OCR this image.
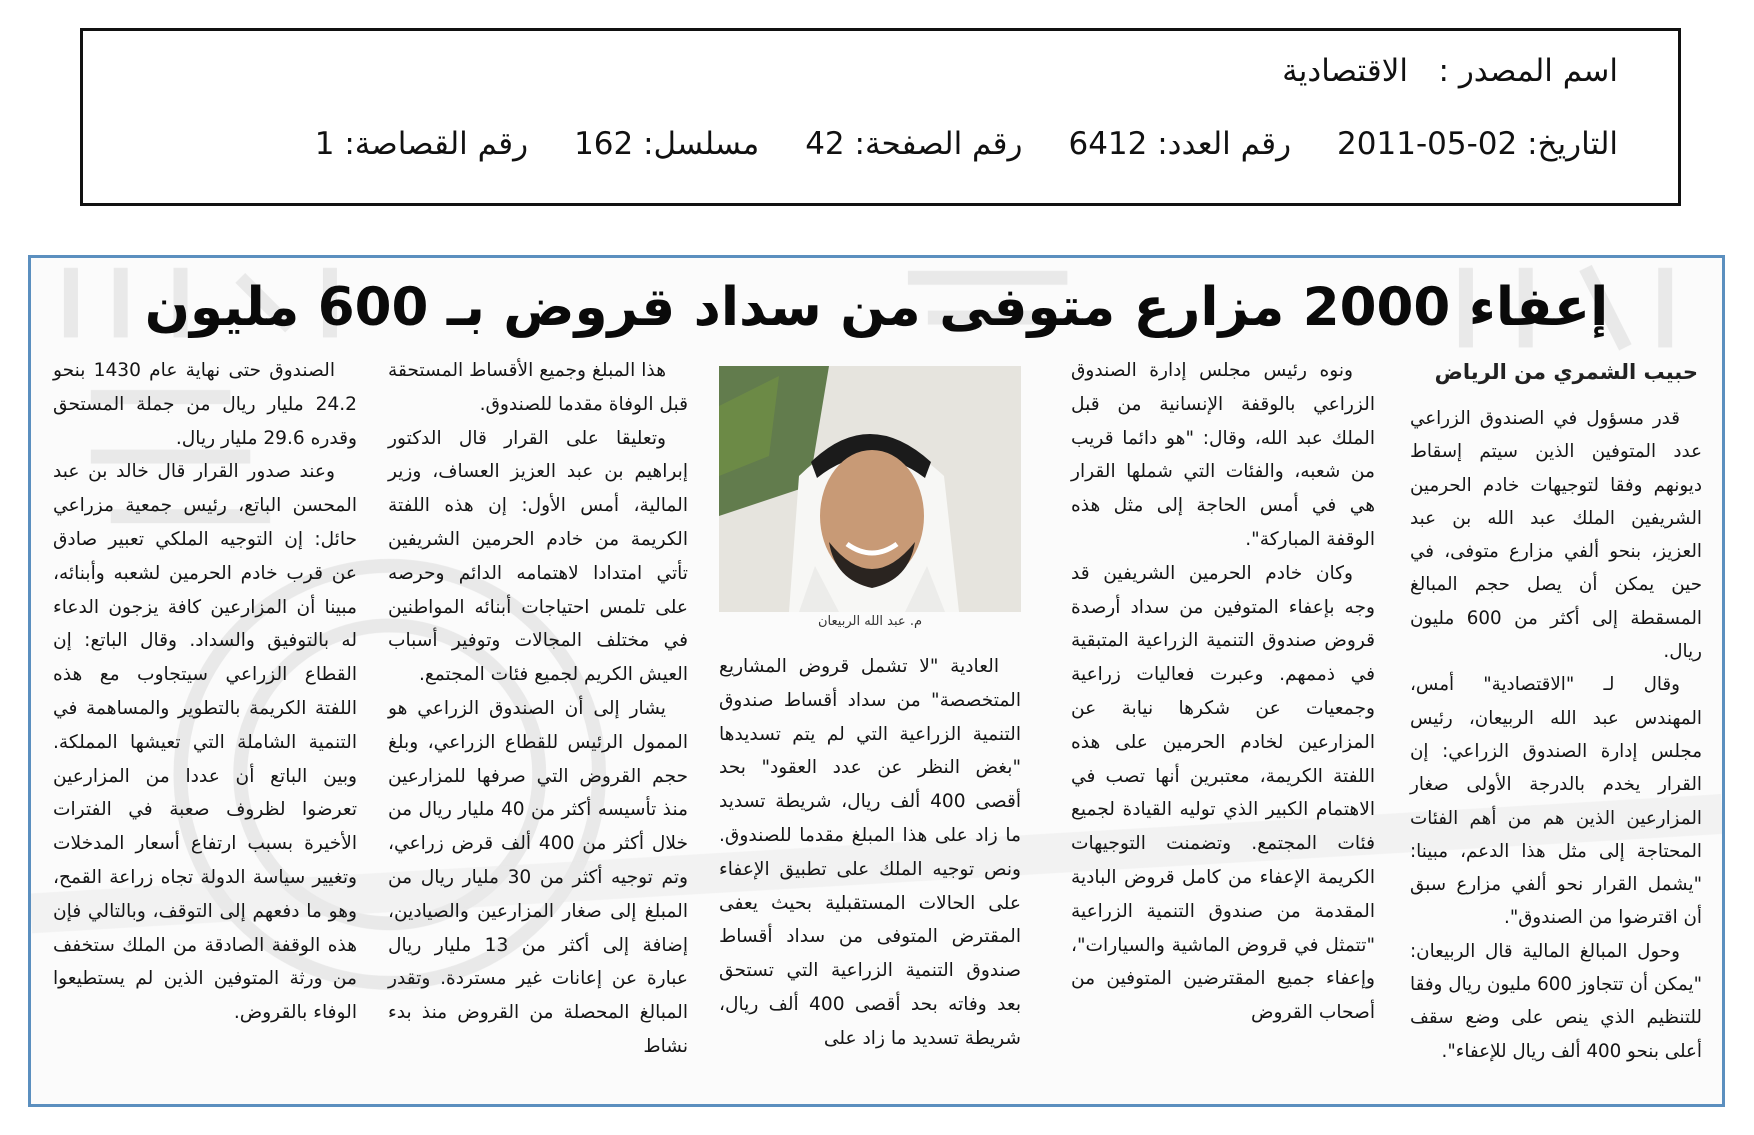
اسم المصدر :
الاقتصادية
التاريخ: 02-05-2011
رقم العدد: 6412
رقم الصفحة: 42
مسلسل: 162
رقم القصاصة: 1
إعفاء 2000 مزارع متوفى من سداد قروض بـ 600 مليون
حبيب الشمري من الرياض

قدر مسؤول في الصندوق الزراعي عدد المتوفين الذين سيتم إسقاط ديونهم وفقا لتوجيهات خادم الحرمين الشريفين الملك عبد الله بن عبد العزيز، بنحو ألفي مزارع متوفى، في حين يمكن أن يصل حجم المبالغ المسقطة إلى أكثر من 600 مليون ريال.

وقال لـ "الاقتصادية" أمس، المهندس عبد الله الربيعان، رئيس مجلس إدارة الصندوق الزراعي: إن القرار يخدم بالدرجة الأولى صغار المزارعين الذين هم من أهم الفئات المحتاجة إلى مثل هذا الدعم، مبينا: "يشمل القرار نحو ألفي مزارع سبق أن اقترضوا من الصندوق".

وحول المبالغ المالية قال الربيعان: "يمكن أن تتجاوز 600 مليون ريال وفقا للتنظيم الذي ينص على وضع سقف أعلى بنحو 400 ألف ريال للإعفاء".

ونوه رئيس مجلس إدارة الصندوق الزراعي بالوقفة الإنسانية من قبل الملك عبد الله، وقال: "هو دائما قريب من شعبه، والفئات التي شملها القرار هي في أمس الحاجة إلى مثل هذه الوقفة المباركة".

وكان خادم الحرمين الشريفين قد وجه بإعفاء المتوفين من سداد أرصدة قروض صندوق التنمية الزراعية المتبقية في ذممهم. وعبرت فعاليات زراعية وجمعيات عن شكرها نيابة عن المزارعين لخادم الحرمين على هذه اللفتة الكريمة، معتبرين أنها تصب في الاهتمام الكبير الذي توليه القيادة لجميع فئات المجتمع. وتضمنت التوجيهات الكريمة الإعفاء من كامل قروض البادية المقدمة من صندوق التنمية الزراعية "تتمثل في قروض الماشية والسيارات"، وإعفاء جميع المقترضين المتوفين من أصحاب القروض

م. عبد الله الربيعان

العادية "لا تشمل قروض المشاريع المتخصصة" من سداد أقساط صندوق التنمية الزراعية التي لم يتم تسديدها "بغض النظر عن عدد العقود" بحد أقصى 400 ألف ريال، شريطة تسديد ما زاد على هذا المبلغ مقدما للصندوق. ونص توجيه الملك على تطبيق الإعفاء على الحالات المستقبلية بحيث يعفى المقترض المتوفى من سداد أقساط صندوق التنمية الزراعية التي تستحق بعد وفاته بحد أقصى 400 ألف ريال، شريطة تسديد ما زاد على

هذا المبلغ وجميع الأقساط المستحقة قبل الوفاة مقدما للصندوق.

وتعليقا على القرار قال الدكتور إبراهيم بن عبد العزيز العساف، وزير المالية، أمس الأول: إن هذه اللفتة الكريمة من خادم الحرمين الشريفين تأتي امتدادا لاهتمامه الدائم وحرصه على تلمس احتياجات أبنائه المواطنين في مختلف المجالات وتوفير أسباب العيش الكريم لجميع فئات المجتمع.

يشار إلى أن الصندوق الزراعي هو الممول الرئيس للقطاع الزراعي، وبلغ حجم القروض التي صرفها للمزارعين منذ تأسيسه أكثر من 40 مليار ريال من خلال أكثر من 400 ألف قرض زراعي، وتم توجيه أكثر من 30 مليار ريال من المبلغ إلى صغار المزارعين والصيادين، إضافة إلى أكثر من 13 مليار ريال عبارة عن إعانات غير مستردة. وتقدر المبالغ المحصلة من القروض منذ بدء نشاط

الصندوق حتى نهاية عام 1430 بنحو 24.2 مليار ريال من جملة المستحق وقدره 29.6 مليار ريال.

وعند صدور القرار قال خالد بن عبد المحسن الباتع، رئيس جمعية مزراعي حائل: إن التوجيه الملكي تعبير صادق عن قرب خادم الحرمين لشعبه وأبنائه، مبينا أن المزارعين كافة يزجون الدعاء له بالتوفيق والسداد. وقال الباتع: إن القطاع الزراعي سيتجاوب مع هذه اللفتة الكريمة بالتطوير والمساهمة في التنمية الشاملة التي تعيشها المملكة. وبين الباتع أن عددا من المزارعين تعرضوا لظروف صعبة في الفترات الأخيرة بسبب ارتفاع أسعار المدخلات وتغيير سياسة الدولة تجاه زراعة القمح، وهو ما دفعهم إلى التوقف، وبالتالي فإن هذه الوقفة الصادقة من الملك ستخفف من ورثة المتوفين الذين لم يستطيعوا الوفاء بالقروض.
